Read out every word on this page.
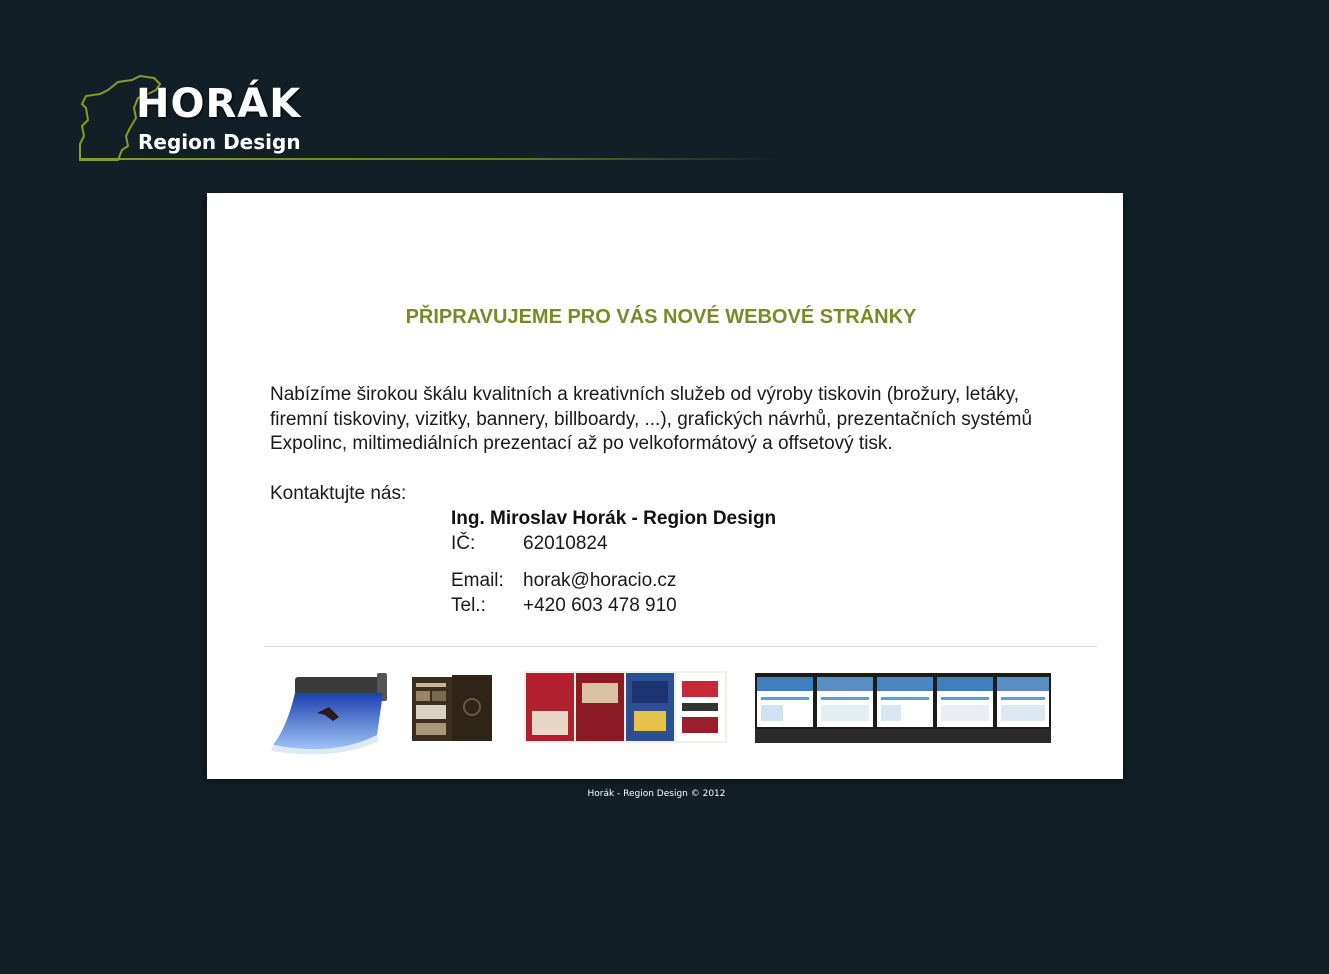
HORÁK
Region Design
PŘIPRAVUJEME PRO VÁS NOVÉ WEBOVÉ STRÁNKY
Nabízíme širokou škálu kvalitních a kreativních služeb od výroby tiskovin (brožury, letáky,
firemní tiskoviny, vizitky, bannery, billboardy, ...), grafických návrhů, prezentačních systémů
Expolinc, miltimediálních prezentací až po velkoformátový a offsetový tisk.
Kontaktujte nás:
Ing. Miroslav Horák - Region Design
IČ:	62010824
Email: horak@horacio.cz
Tel.: +420 603 478 910
Horák - Region Design © 2012
